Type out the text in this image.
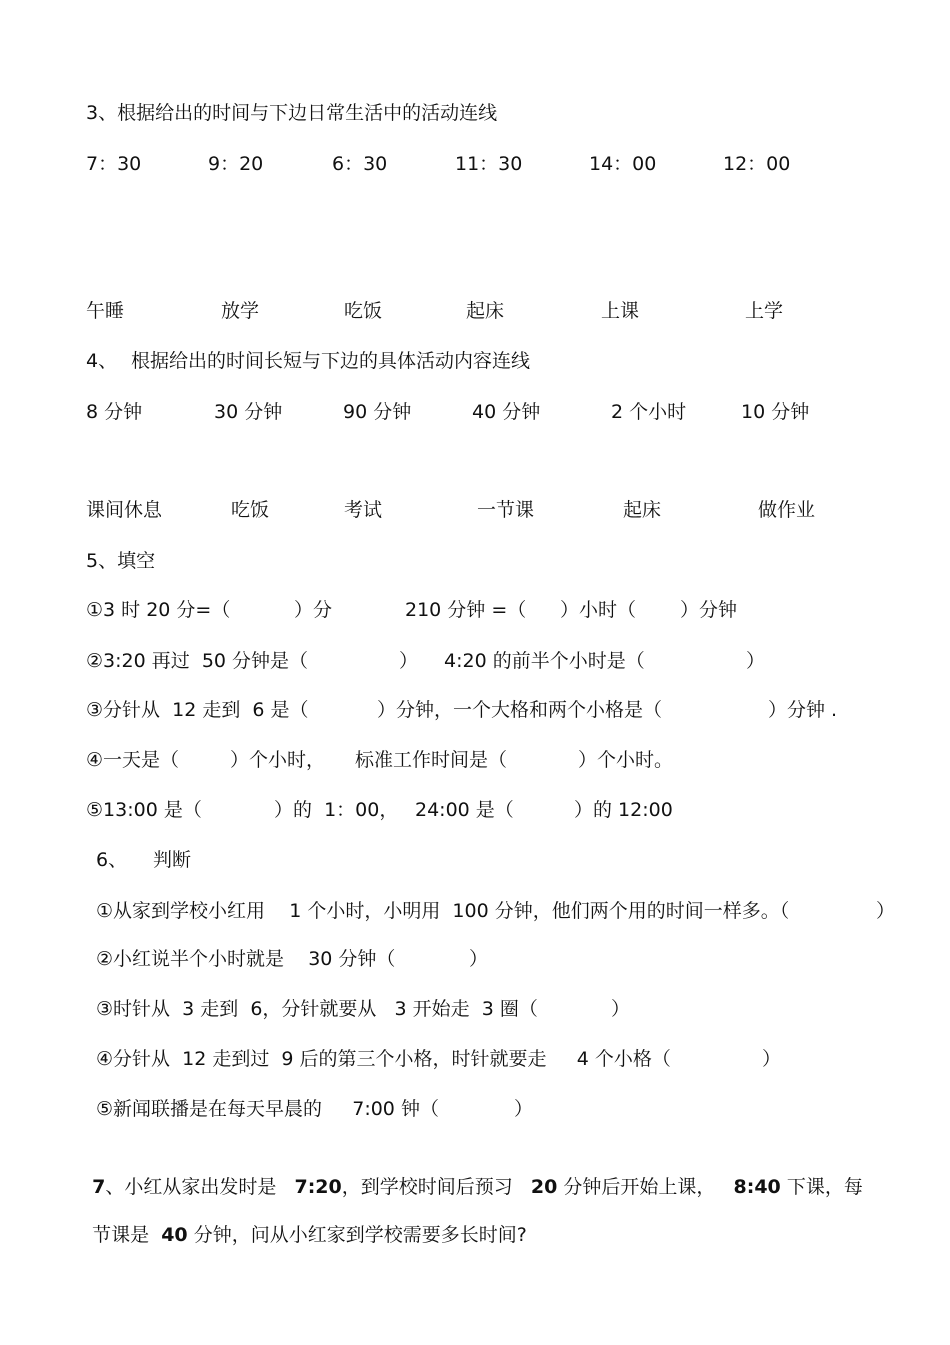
3、根据给出的时间与下边日常生活中的活动连线
7：30	9：20	6：30	11：30	14：00	12：00
午睡	放学	吃饭	起床	上课	上学
4、 根据给出的时间长短与下边的具体活动内容连线
8 分钟	30 分钟	90 分钟	40 分钟	2 个小时	10 分钟
课间休息	吃饭	考试	一节课	起床	做作业
5、填空
①3 时 20 分=（	）分	210 分钟 =（ ）小时（ ）分钟
②3:20 再过  50 分钟是（	） 4:20 的前半个小时是（	）
③分针从  12 走到  6 是（	）分钟，一个大格和两个小格是（	）分钟 .
④一天是（	）个小时， 标准工作时间是（	）个小时。
⑤13:00 是（	）的  1：00， 24:00 是（	）的 12:00
6、 判断
①从家到学校小红用    1 个小时，小明用  100 分钟，他们两个用的时间一样多。（	）
②小红说半个小时就是    30 分钟（	）
③时针从  3 走到  6，分针就要从   3 开始走  3 圈（	）
④分针从  12 走到过  9 后的第三个小格，时针就要走     4 个小格（	）
⑤新闻联播是在每天早晨的     7:00 钟（	）

7、小红从家出发时是 7:20，到学校时间后预习 20 分钟后开始上课， 8:40 下课，每

节课是 40 分钟，问从小红家到学校需要多长时间?
